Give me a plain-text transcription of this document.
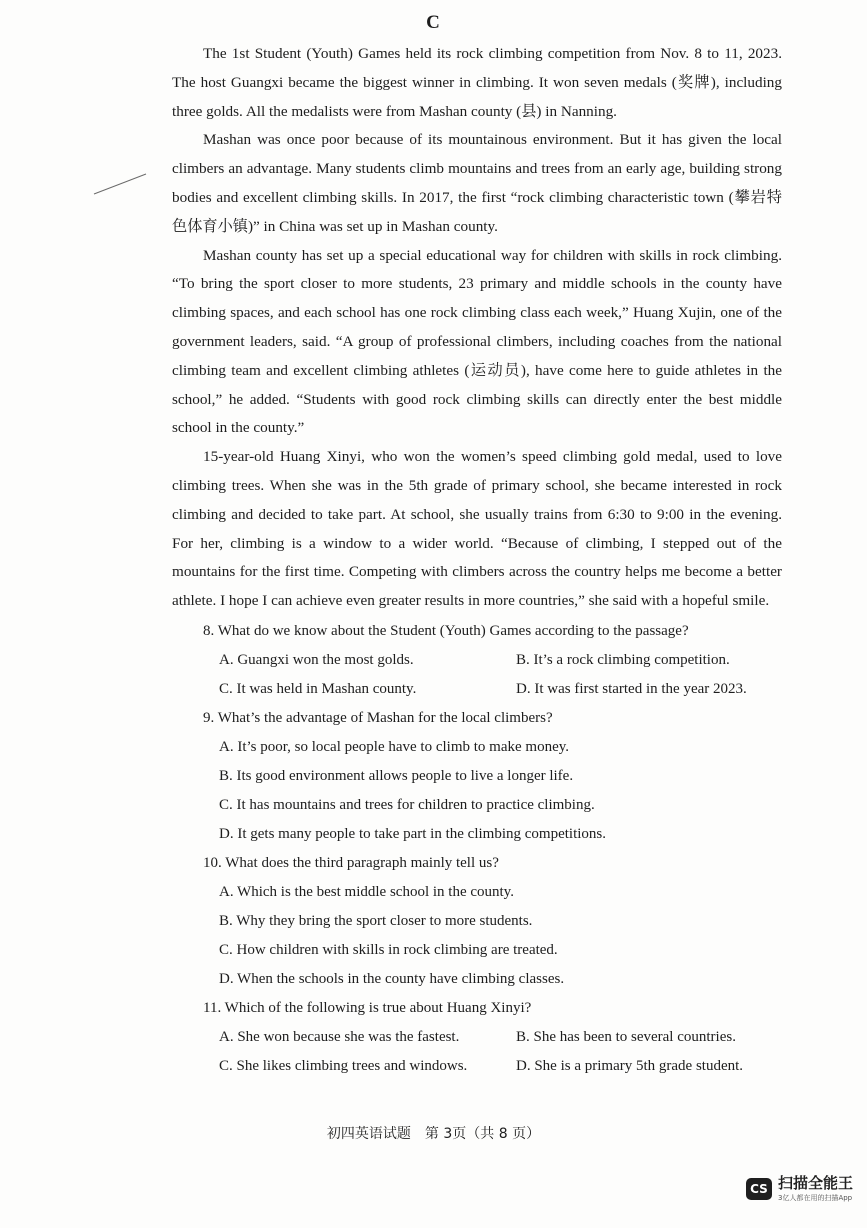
C

The 1st Student (Youth) Games held its rock climbing competition from Nov. 8 to 11, 2023. The host Guangxi became the biggest winner in climbing. It won seven medals (奖牌), including three golds. All the medalists were from Mashan county (县) in Nanning.

Mashan was once poor because of its mountainous environment. But it has given the local climbers an advantage. Many students climb mountains and trees from an early age, building strong bodies and excellent climbing skills. In 2017, the first “rock climbing characteristic town (攀岩特色体育小镇)” in China was set up in Mashan county.

Mashan county has set up a special educational way for children with skills in rock climbing. “To bring the sport closer to more students, 23 primary and middle schools in the county have climbing spaces, and each school has one rock climbing class each week,” Huang Xujin, one of the government leaders, said. “A group of professional climbers, including coaches from the national climbing team and excellent climbing athletes (运动员), have come here to guide athletes in the school,” he added. “Students with good rock climbing skills can directly enter the best middle school in the county.”

15-year-old Huang Xinyi, who won the women’s speed climbing gold medal, used to love climbing trees. When she was in the 5th grade of primary school, she became interested in rock climbing and decided to take part. At school, she usually trains from 6:30 to 9:00 in the evening. For her, climbing is a window to a wider world. “Because of climbing, I stepped out of the mountains for the first time. Competing with climbers across the country helps me become a better athlete. I hope I can achieve even greater results in more countries,” she said with a hopeful smile.

8. What do we know about the Student (Youth) Games according to the passage?
A. Guangxi won the most golds.	B. It’s a rock climbing competition.
C. It was held in Mashan county.	D. It was first started in the year 2023.
9. What’s the advantage of Mashan for the local climbers?
A. It’s poor, so local people have to climb to make money.
B. Its good environment allows people to live a longer life.
C. It has mountains and trees for children to practice climbing.
D. It gets many people to take part in the climbing competitions.
10. What does the third paragraph mainly tell us?
A. Which is the best middle school in the county.
B. Why they bring the sport closer to more students.
C. How children with skills in rock climbing are treated.
D. When the schools in the county have climbing classes.
11. Which of the following is true about Huang Xinyi?
A. She won because she was the fastest.	B. She has been to several countries.
C. She likes climbing trees and windows.	D. She is a primary 5th grade student.
初四英语试题　第 3页（共 8 页）
CS 扫描全能王
3亿人都在用的扫描App
